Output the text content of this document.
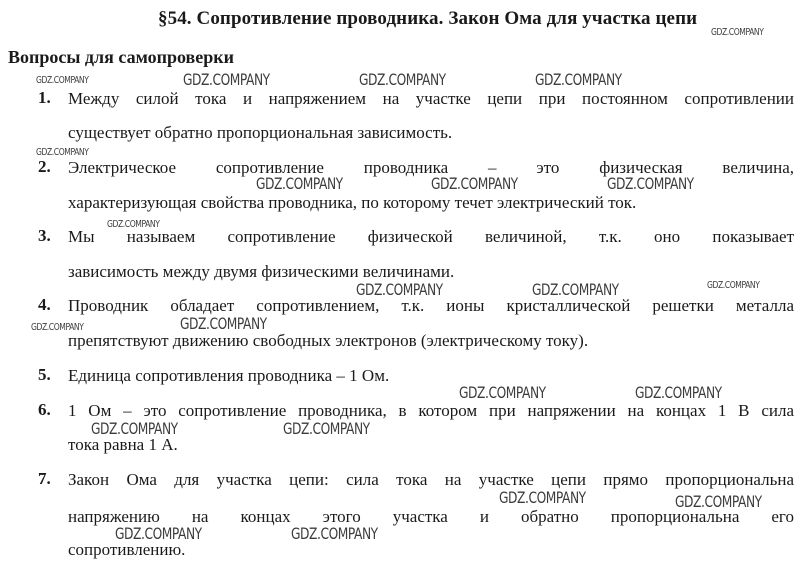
§54. Сопротивление проводника. Закон Ома для участка цепи
Вопросы для самопроверки
1. Между силой тока и напряжением на участке цепи при постоянном сопротивлении
существует обратно пропорциональная зависимость.
2. Электрическое сопротивление проводника – это физическая величина,
характеризующая свойства проводника, по которому течет электрический ток.
3. Мы называем сопротивление физической величиной, т.к. оно показывает
зависимость между двумя физическими величинами.
4. Проводник обладает сопротивлением, т.к. ионы кристаллической решетки металла
препятствуют движению свободных электронов (электрическому току).
5. Единица сопротивления проводника – 1 Ом.
6. 1 Ом – это сопротивление проводника, в котором при напряжении на концах 1 В сила
тока равна 1 А.
7. Закон Ома для участка цепи: сила тока на участке цепи прямо пропорциональна
напряжению на концах этого участка и обратно пропорциональна его
сопротивлению.
GDZ.COMPANY
GDZ.COMPANY	GDZ.COMPANY	GDZ.COMPANY	GDZ.COMPANY
GDZ.COMPANY
GDZ.COMPANY	GDZ.COMPANY	GDZ.COMPANY
GDZ.COMPANY
GDZ.COMPANY
GDZ.COMPANY
GDZ.COMPANY
GDZ.COMPANY	GDZ.COMPANY
GDZ.COMPANY	GDZ.COMPANY
GDZ.COMPANY	GDZ.COMPANY
GDZ.COMPANY	GDZ.COMPANY
GDZ.COMPANY	GDZ.COMPANY
